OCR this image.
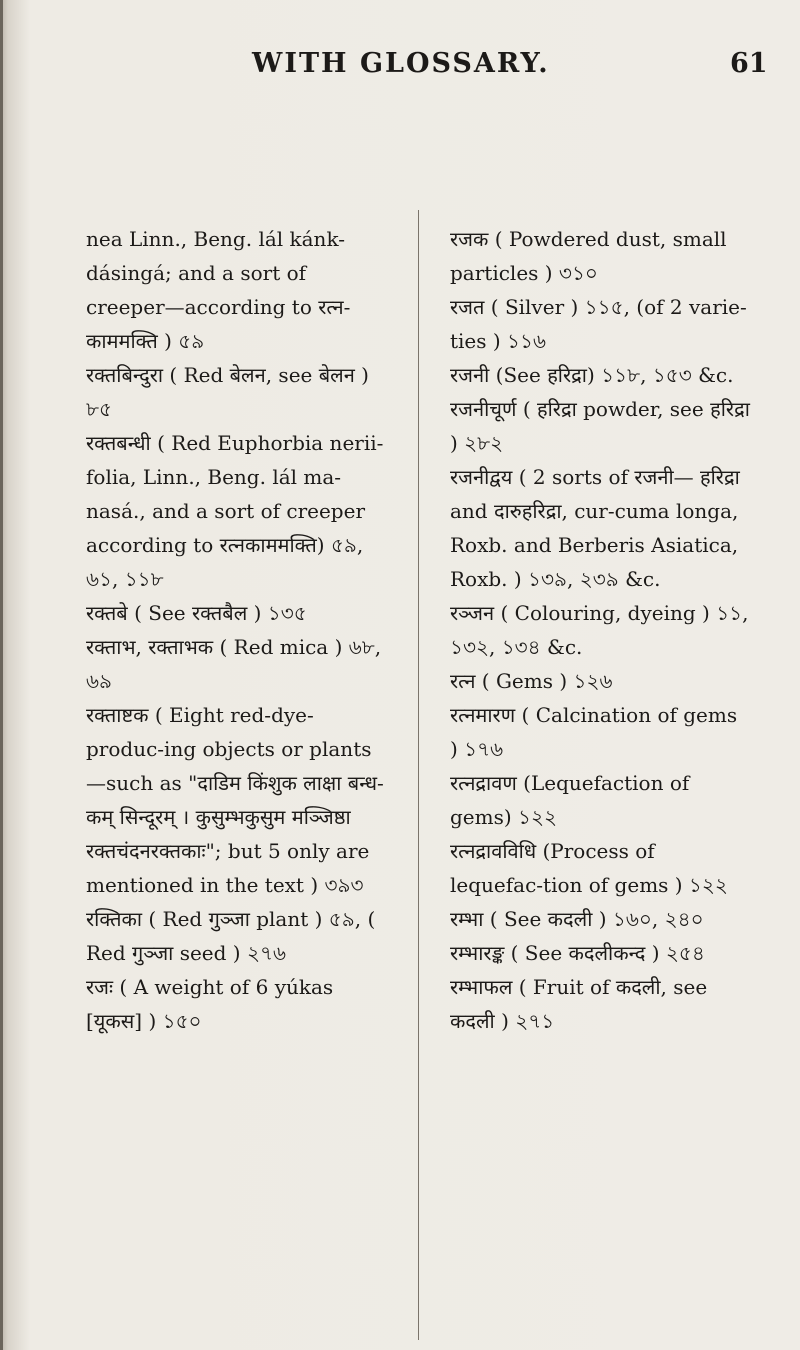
WITH GLOSSARY.	61
nea Linn., Beng. lál kánk-dásingá; and a sort of creeper—according to रत्न- काममक्ति ) ৫৯
रक्तबिन्दुरा ( Red बेलन, see बेलन ) ৮৫
रक्तबन्धी ( Red Euphorbia nerii-folia, Linn., Beng. lál ma-nasá., and a sort of creeper according to रत्नकाममक्ति) ৫৯, ৬১, ১১৮
रक्तबे ( See रक्तबैल ) ১৩৫
रक्ताभ, रक्ताभक ( Red mica ) ৬৮, ৬৯
रक्ताष्टक ( Eight red-dye-produc-ing objects or plants—such as "दाडिम किंशुक लाक्षा बन्ध-कम् सिन्दूरम् । कुसुम्भकुसुम मञ्जिष्ठा रक्तचंदनरक्तकाः"; but 5 only are mentioned in the text ) ৩৯৩
रक्तिका ( Red गुञ्जा plant ) ৫৯, ( Red गुञ्जा seed ) ২৭৬
रजः ( A weight of 6 yúkas [यूकस] ) ১৫০
रजक ( Powdered dust, small particles ) ৩১০
रजत ( Silver ) ১১৫, (of 2 varie-ties ) ১১৬
रजनी (See हरिद्रा) ১১৮, ১৫৩ &c.
रजनीचूर्ण ( हरिद्रा powder, see हरिद्रा ) ২৮২
रजनीद्वय ( 2 sorts of रजनी— हरिद्रा and दारुहरिद्रा, cur-cuma longa, Roxb. and Berberis Asiatica, Roxb. ) ১৩৯, ২৩৯ &c.
रञ्जन ( Colouring, dyeing ) ১১, ১৩২, ১৩৪ &c.
रत्न ( Gems ) ১২৬
रत्नमारण ( Calcination of gems ) ১৭৬
रत्नद्रावण (Lequefaction of gems) ১২২
रत्नद्रावविधि (Process of lequefac-tion of gems ) ১২২
रम्भा ( See कदली ) ১৬০, ২৪০
रम्भारङ्क ( See कदलीकन्द ) ২৫৪
रम्भाफल ( Fruit of कदली, see कदली ) ২৭১
